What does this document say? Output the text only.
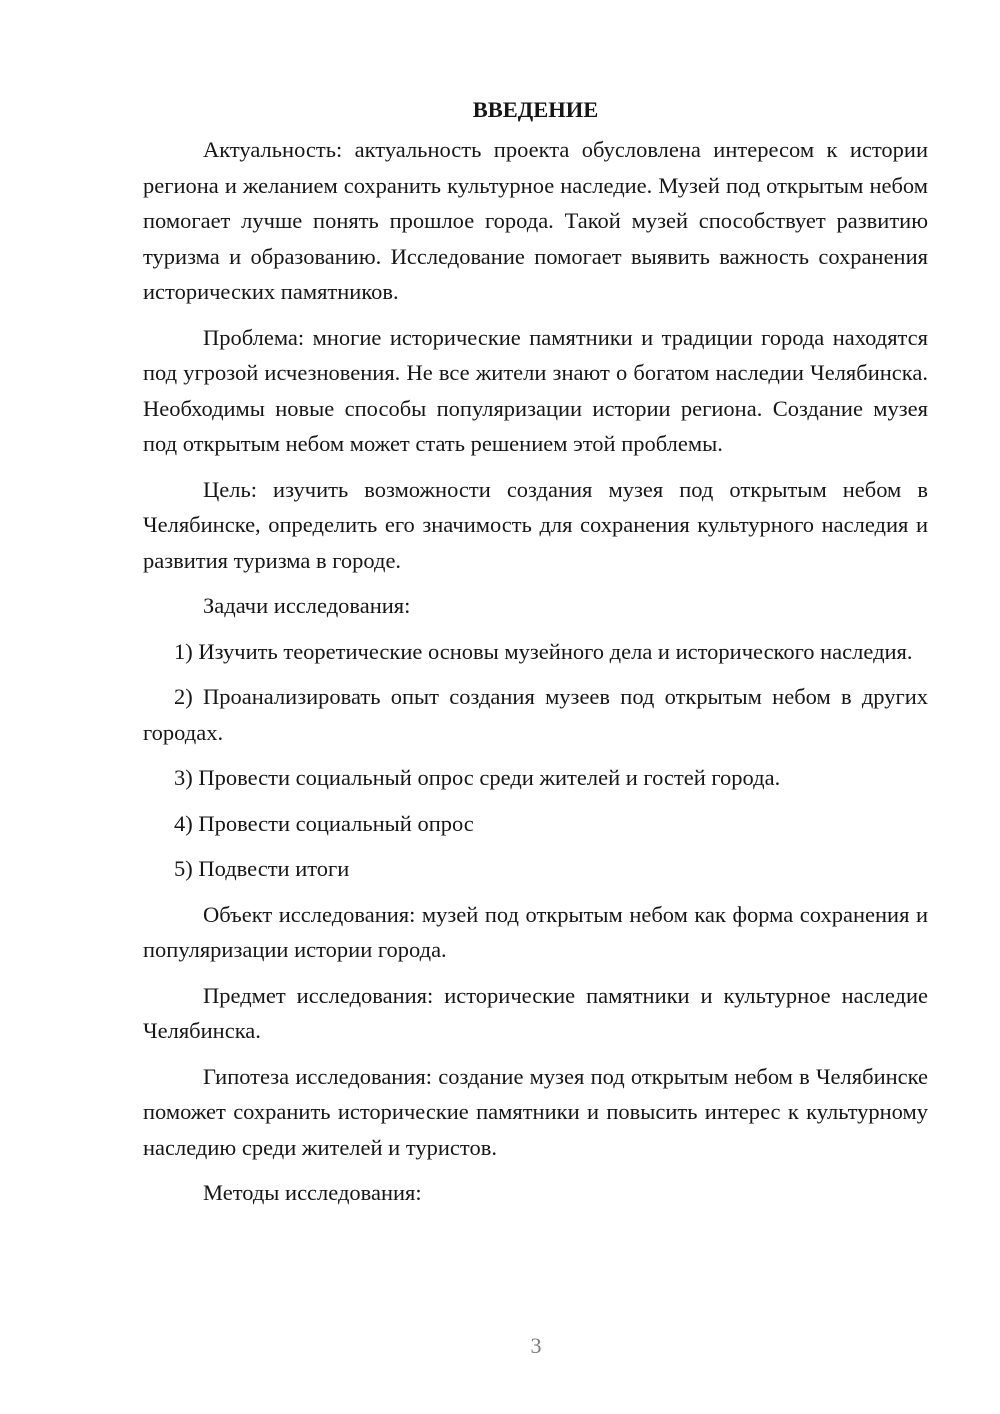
ВВЕДЕНИЕ

Актуальность: актуальность проекта обусловлена интересом к истории региона и желанием сохранить культурное наследие. Музей под открытым небом помогает лучше понять прошлое города. Такой музей способствует развитию туризма и образованию. Исследование помогает выявить важность сохранения исторических памятников.

Проблема: многие исторические памятники и традиции города находятся под угрозой исчезновения. Не все жители знают о богатом наследии Челябинска. Необходимы новые способы популяризации истории региона. Создание музея под открытым небом может стать решением этой проблемы.

Цель: изучить возможности создания музея под открытым небом в Челябинске, определить его значимость для сохранения культурного наследия и развития туризма в городе.

Задачи исследования:

1) Изучить теоретические основы музейного дела и исторического наследия.

2) Проанализировать опыт создания музеев под открытым небом в других городах.

3) Провести социальный опрос среди жителей и гостей города.

4) Провести социальный опрос

5) Подвести итоги

Объект исследования: музей под открытым небом как форма сохранения и популяризации истории города.

Предмет исследования: исторические памятники и культурное наследие Челябинска.

Гипотеза исследования: создание музея под открытым небом в Челябинске поможет сохранить исторические памятники и повысить интерес к культурному наследию среди жителей и туристов.

Методы исследования:

3
